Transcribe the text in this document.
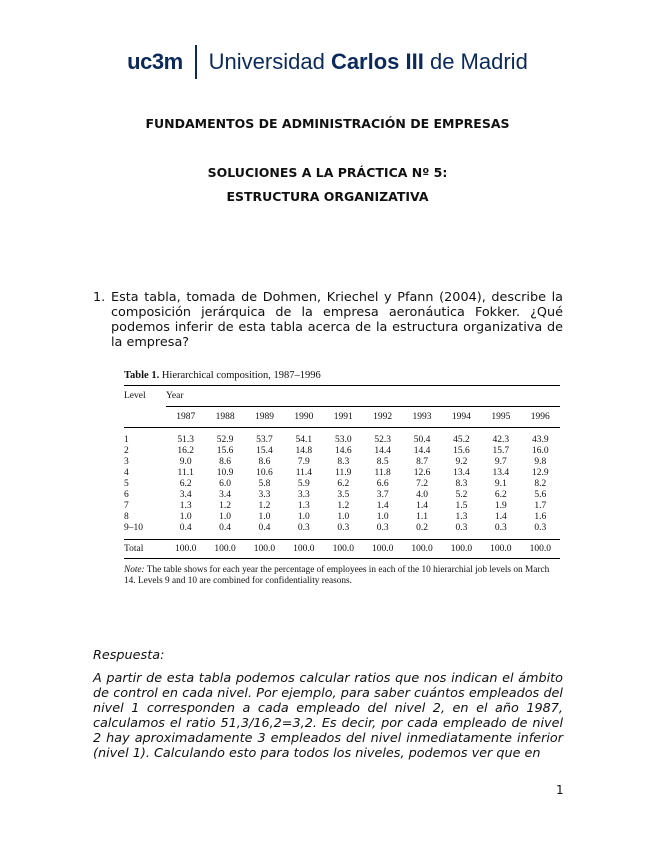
uc3m Universidad Carlos III de Madrid
FUNDAMENTOS DE ADMINISTRACIÓN DE EMPRESAS
SOLUCIONES A LA PRÁCTICA Nº 5:
ESTRUCTURA ORGANIZATIVA
1. Esta tabla, tomada de Dohmen, Kriechel y Pfann (2004), describe la composición jerárquica de la empresa aeronáutica Fokker. ¿Qué podemos inferir de esta tabla acerca de la estructura organizativa de la empresa?
Table 1. Hierarchical composition, 1987–1996
Level	Year									
	1987	1988	1989	1990	1991	1992	1993	1994	1995	1996

1	51.3	52.9	53.7	54.1	53.0	52.3	50.4	45.2	42.3	43.9
2	16.2	15.6	15.4	14.8	14.6	14.4	14.4	15.6	15.7	16.0
3	9.0	8.6	8.6	7.9	8.3	8.5	8.7	9.2	9.7	9.8
4	11.1	10.9	10.6	11.4	11.9	11.8	12.6	13.4	13.4	12.9
5	6.2	6.0	5.8	5.9	6.2	6.6	7.2	8.3	9.1	8.2
6	3.4	3.4	3.3	3.3	3.5	3.7	4.0	5.2	6.2	5.6
7	1.3	1.2	1.2	1.3	1.2	1.4	1.4	1.5	1.9	1.7
8	1.0	1.0	1.0	1.0	1.0	1.0	1.1	1.3	1.4	1.6
9–10	0.4	0.4	0.4	0.3	0.3	0.3	0.2	0.3	0.3	0.3

Total	100.0	100.0	100.0	100.0	100.0	100.0	100.0	100.0	100.0	100.0
Note: The table shows for each year the percentage of employees in each of the 10 hierarchial job levels on March 14. Levels 9 and 10 are combined for confidentiality reasons.
Respuesta:
A partir de esta tabla podemos calcular ratios que nos indican el ámbito de control en cada nivel. Por ejemplo, para saber cuántos empleados del nivel 1 corresponden a cada empleado del nivel 2, en el año 1987, calculamos el ratio 51,3/16,2=3,2. Es decir, por cada empleado de nivel 2 hay aproximadamente 3 empleados del nivel inmediatamente inferior (nivel 1). Calculando esto para todos los niveles, podemos ver que en
1
